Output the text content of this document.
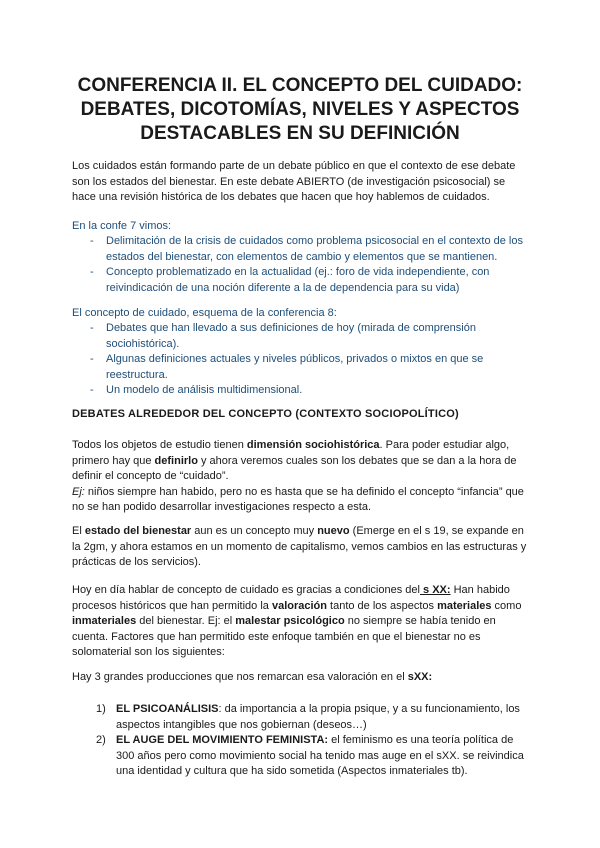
CONFERENCIA II. EL CONCEPTO DEL CUIDADO: DEBATES, DICOTOMÍAS, NIVELES Y ASPECTOS DESTACABLES EN SU DEFINICIÓN

Los cuidados están formando parte de un debate público en que el contexto de ese debate son los estados del bienestar. En este debate ABIERTO (de investigación psicosocial) se hace una revisión histórica de los debates que hacen que hoy hablemos de cuidados.

En la confe 7 vimos:

- Delimitación de la crisis de cuidados como problema psicosocial en el contexto de los estados del bienestar, con elementos de cambio y elementos que se mantienen.
- Concepto problematizado en la actualidad (ej.: foro de vida independiente, con reivindicación de una noción diferente a la de dependencia para su vida)

El concepto de cuidado, esquema de la conferencia 8:

- Debates que han llevado a sus definiciones de hoy (mirada de comprensión sociohistórica).
- Algunas definiciones actuales y niveles públicos, privados o mixtos en que se reestructura.
- Un modelo de análisis multidimensional.

DEBATES ALREDEDOR DEL CONCEPTO (CONTEXTO SOCIOPOLÍTICO)

Todos los objetos de estudio tienen dimensión sociohistórica. Para poder estudiar algo, primero hay que definirlo y ahora veremos cuales son los debates que se dan a la hora de definir el concepto de “cuidado”.
Ej: niños siempre han habido, pero no es hasta que se ha definido el concepto “infancia” que no se han podido desarrollar investigaciones respecto a esta.

El estado del bienestar aun es un concepto muy nuevo (Emerge en el s 19, se expande en la 2gm, y ahora estamos en un momento de capitalismo, vemos cambios en las estructuras y prácticas de los servicios).

Hoy en día hablar de concepto de cuidado es gracias a condiciones del s XX: Han habido procesos históricos que han permitido la valoración tanto de los aspectos materiales como inmateriales del bienestar. Ej: el malestar psicológico no siempre se había tenido en cuenta. Factores que han permitido este enfoque también en que el bienestar no es solomaterial son los siguientes:

Hay 3 grandes producciones que nos remarcan esa valoración en el sXX:

1) EL PSICOANÁLISIS: da importancia a la propia psique, y a su funcionamiento, los aspectos intangibles que nos gobiernan (deseos…)
2) EL AUGE DEL MOVIMIENTO FEMINISTA: el feminismo es una teoría política de 300 años pero como movimiento social ha tenido mas auge en el sXX. se reivindica una identidad y cultura que ha sido sometida (Aspectos inmateriales tb).
